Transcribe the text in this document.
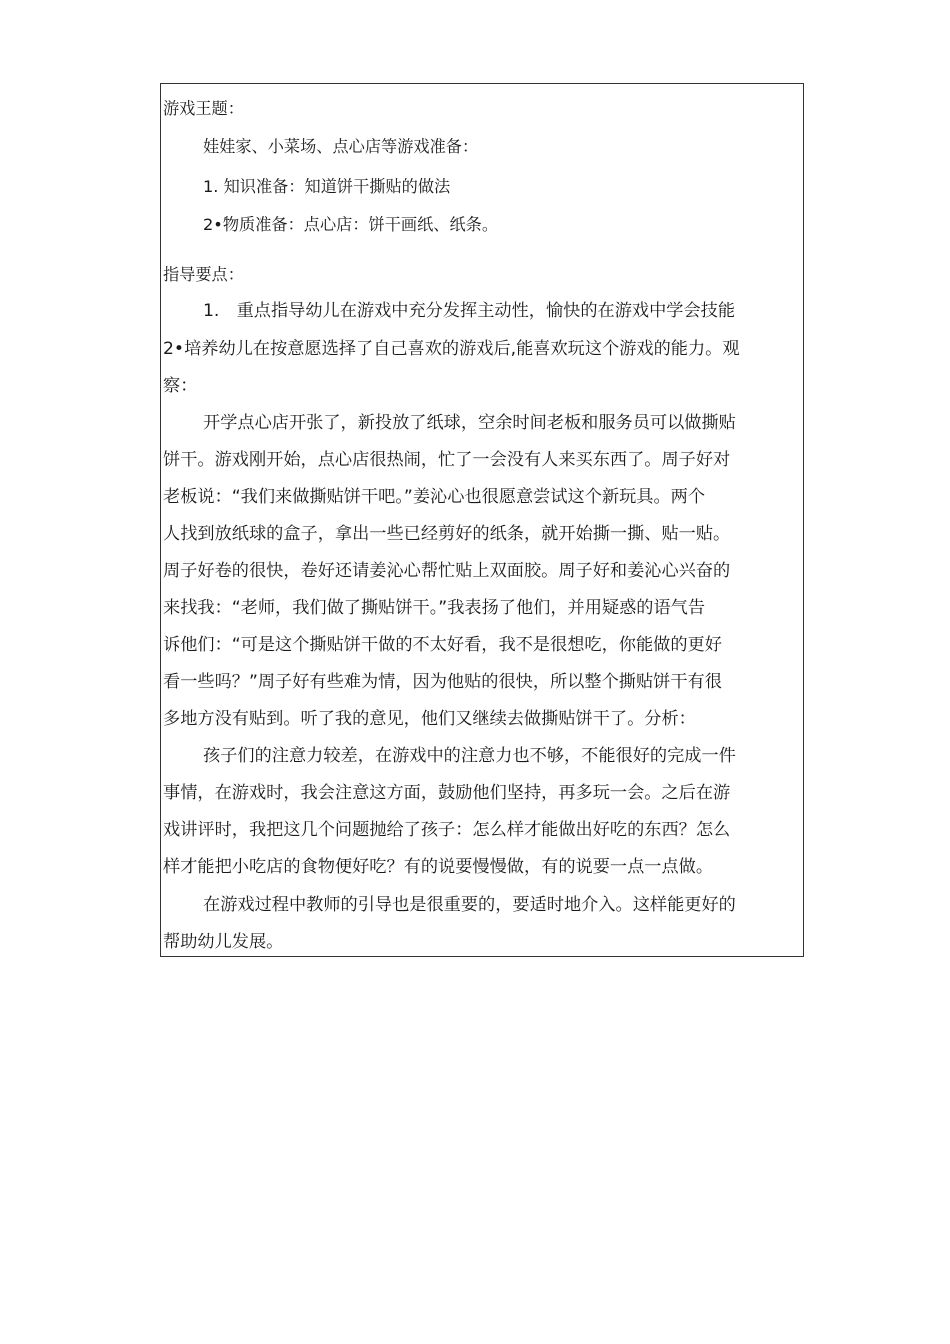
游戏王题：
娃娃家、小菜场、点心店等游戏准备：
1. 知识准备：知道饼干撕贴的做法
2•物质准备：点心店：饼干画纸、纸条。
指导要点：
1.　重点指导幼儿在游戏中充分发挥主动性，愉快的在游戏中学会技能
2•培养幼儿在按意愿选择了自己喜欢的游戏后,能喜欢玩这个游戏的能力。观
察：
开学点心店开张了，新投放了纸球，空余时间老板和服务员可以做撕贴
饼干。游戏刚开始，点心店很热闹，忙了一会没有人来买东西了。周子好对
老板说：“我们来做撕贴饼干吧。”姜沁心也很愿意尝试这个新玩具。两个
人找到放纸球的盒子，拿出一些已经剪好的纸条，就开始撕一撕、贴一贴。
周子好卷的很快，卷好还请姜沁心帮忙贴上双面胶。周子好和姜沁心兴奋的
来找我：“老师，我们做了撕贴饼干。”我表扬了他们，并用疑惑的语气告
诉他们：“可是这个撕贴饼干做的不太好看，我不是很想吃，你能做的更好
看一些吗？”周子好有些难为情，因为他贴的很快，所以整个撕贴饼干有很
多地方没有贴到。听了我的意见，他们又继续去做撕贴饼干了。分析：
孩子们的注意力较差，在游戏中的注意力也不够，不能很好的完成一件
事情，在游戏时，我会注意这方面，鼓励他们坚持，再多玩一会。之后在游
戏讲评时，我把这几个问题抛给了孩子：怎么样才能做出好吃的东西？怎么
样才能把小吃店的食物便好吃？有的说要慢慢做，有的说要一点一点做。
在游戏过程中教师的引导也是很重要的，要适时地介入。这样能更好的
帮助幼儿发展。
